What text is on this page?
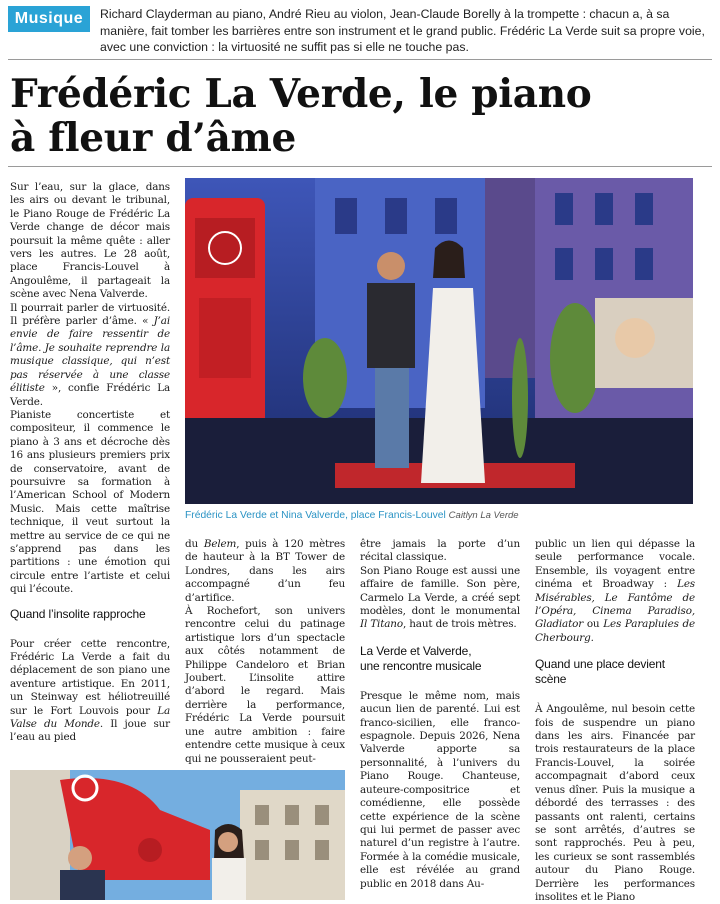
Musique	Richard Clayderman au piano, André Rieu au violon, Jean-Claude Borelly à la trompette : chacun a, à sa manière, fait tomber les barrières entre son instrument et le grand public. Frédéric La Verde suit sa propre voie, avec une conviction : la virtuosité ne suffit pas si elle ne touche pas.
Frédéric La Verde, le piano
à fleur d’âme

Sur l’eau, sur la glace, dans les airs ou devant le tribunal, le Piano Rouge de Frédéric La Verde change de décor mais poursuit la même quête : aller vers les autres. Le 28 août, place Francis-Louvel à Angoulême, il partageait la scène avec Nena Valverde.

Il pourrait parler de virtuosité. Il préfère parler d’âme. « J’ai envie de faire ressentir de l’âme. Je souhaite reprendre la musique classique, qui n’est pas réservée à une classe élitiste », confie Frédéric La Verde.

Pianiste concertiste et compositeur, il commence le piano à 3 ans et décroche dès 16 ans plusieurs premiers prix de conservatoire, avant de poursuivre sa formation à l’American School of Modern Music. Mais cette maîtrise technique, il veut surtout la mettre au service de ce qui ne s’apprend pas dans les partitions : une émotion qui circule entre l’artiste et celui qui l’écoute.

Quand l’insolite rapproche

Pour créer cette rencontre, Frédéric La Verde a fait du déplacement de son piano une aventure artistique. En 2011, un Steinway est héliotreuillé sur le Fort Louvois pour La Valse du Monde. Il joue sur l’eau au pied

Frédéric La Verde et Nina Valverde, place Francis-Louvel Caitlyn La Verde

du Belem, puis à 120 mètres de hauteur à la BT Tower de Londres, dans les airs accompagné d’un feu d’artifice.

À Rochefort, son univers rencontre celui du patinage artistique lors d’un spectacle aux côtés notamment de Philippe Candeloro et Brian Joubert. L’insolite attire d’abord le regard. Mais derrière la performance, Frédéric La Verde poursuit une autre ambition : faire entendre cette musique à ceux qui ne pousseraient peut-

être jamais la porte d’un récital classique.

Son Piano Rouge est aussi une affaire de famille. Son père, Carmelo La Verde, a créé sept modèles, dont le monumental Il Titano, haut de trois mètres.

La Verde et Valverde,
une rencontre musicale

Presque le même nom, mais aucun lien de parenté. Lui est franco-sicilien, elle franco-espagnole. Depuis 2026, Nena Valverde apporte sa personnalité, à l’univers du Piano Rouge. Chanteuse, auteure-compositrice et comédienne, elle possède cette expérience de la scène qui lui permet de passer avec naturel d’un registre à l’autre. Formée à la comédie musicale, elle est révélée au grand public en 2018 dans Au-

public un lien qui dépasse la seule performance vocale. Ensemble, ils voyagent entre cinéma et Broadway : Les Misérables, Le Fantôme de l’Opéra, Cinema Paradiso, Gladiator ou Les Parapluies de Cherbourg.

Quand une place devient
scène

À Angoulême, nul besoin cette fois de suspendre un piano dans les airs. Financée par trois restaurateurs de la place Francis-Louvel, la soirée accompagnait d’abord ceux venus dîner. Puis la musique a débordé des terrasses : des passants ont ralenti, certains se sont arrêtés, d’autres se sont rapprochés. Peu à peu, les curieux se sont rassemblés autour du Piano Rouge. Derrière les performances insolites et le Piano
